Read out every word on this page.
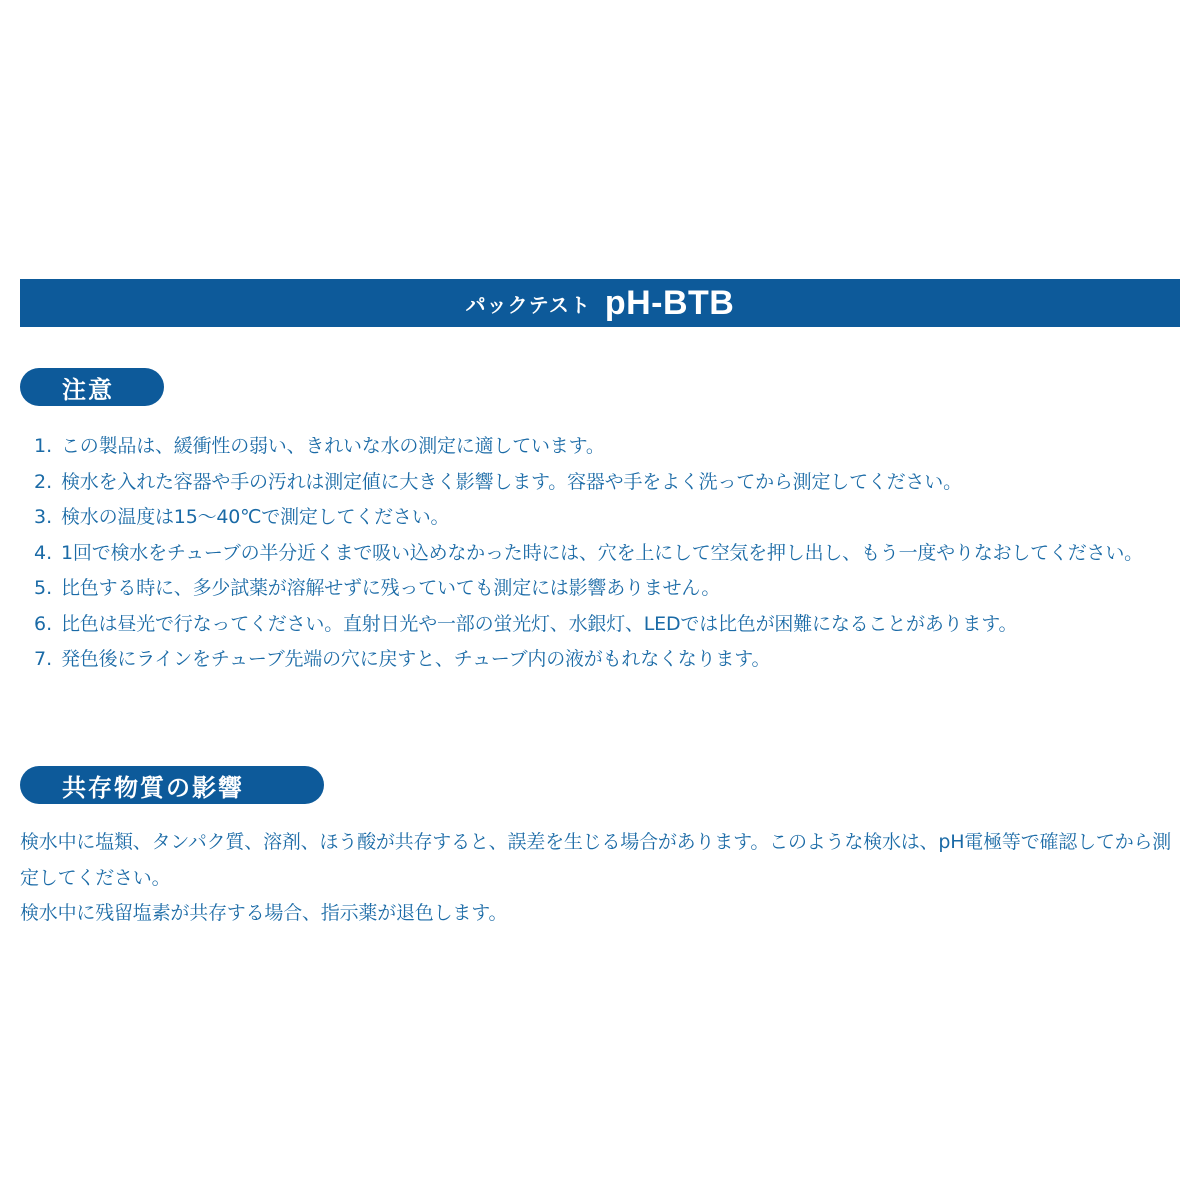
パックテスト pH-BTB
注意
1. この製品は、緩衝性の弱い、きれいな水の測定に適しています。
2. 検水を入れた容器や手の汚れは測定値に大きく影響します。容器や手をよく洗ってから測定してください。
3. 検水の温度は15〜40℃で測定してください。
4. 1回で検水をチューブの半分近くまで吸い込めなかった時には、穴を上にして空気を押し出し、もう一度やりなおしてください。
5. 比色する時に、多少試薬が溶解せずに残っていても測定には影響ありません。
6. 比色は昼光で行なってください。直射日光や一部の蛍光灯、水銀灯、LEDでは比色が困難になることがあります。
7. 発色後にラインをチューブ先端の穴に戻すと、チューブ内の液がもれなくなります。
共存物質の影響

検水中に塩類、タンパク質、溶剤、ほう酸が共存すると、誤差を生じる場合があります。このような検水は、pH電極等で確認してから測定してください。

検水中に残留塩素が共存する場合、指示薬が退色します。
